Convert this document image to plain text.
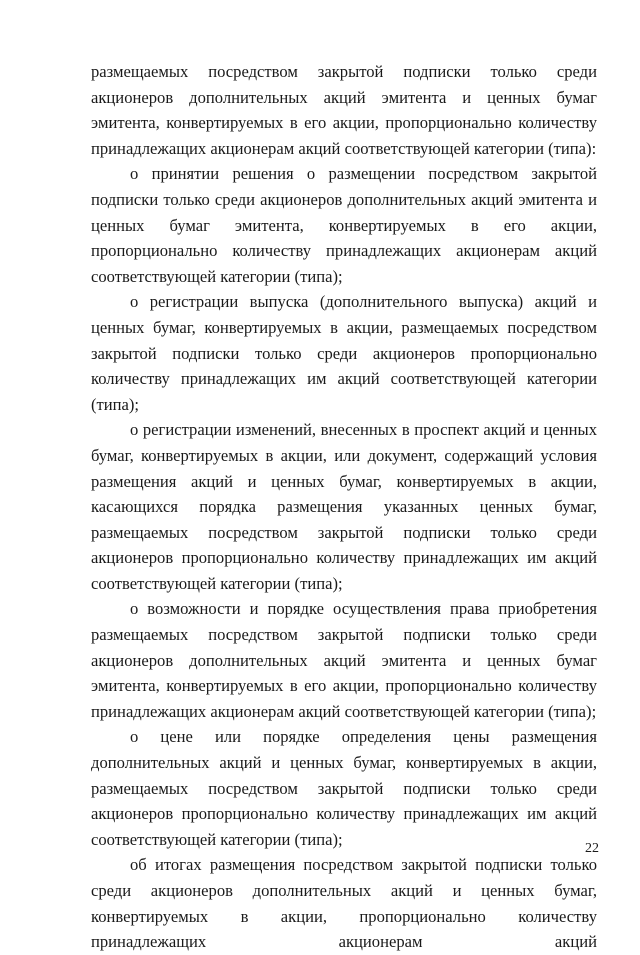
размещаемых посредством закрытой подписки только среди акционеров дополнительных акций эмитента и ценных бумаг эмитента, конвертируемых в его акции, пропорционально количеству принадлежащих акционерам акций соответствующей категории (типа):

о принятии решения о размещении посредством закрытой подписки только среди акционеров дополнительных акций эмитента и ценных бумаг эмитента, конвертируемых в его акции, пропорционально количеству принадлежащих акционерам акций соответствующей категории (типа);

о регистрации выпуска (дополнительного выпуска) акций и ценных бумаг, конвертируемых в акции, размещаемых посредством закрытой подписки только среди акционеров пропорционально количеству принадлежащих им акций соответствующей категории (типа);

о регистрации изменений, внесенных в проспект акций и ценных бумаг, конвертируемых в акции, или документ, содержащий условия размещения акций и ценных бумаг, конвертируемых в акции, касающихся порядка размещения указанных ценных бумаг, размещаемых посредством закрытой подписки только среди акционеров пропорционально количеству принадлежащих им акций соответствующей категории (типа);

о возможности и порядке осуществления права приобретения размещаемых посредством закрытой подписки только среди акционеров дополнительных акций эмитента и ценных бумаг эмитента, конвертируемых в его акции, пропорционально количеству принадлежащих акционерам акций соответствующей категории (типа);

о цене или порядке определения цены размещения дополнительных акций и ценных бумаг, конвертируемых в акции, размещаемых посредством закрытой подписки только среди акционеров пропорционально количеству принадлежащих им акций соответствующей категории (типа);

об итогах размещения посредством закрытой подписки только среди акционеров дополнительных акций и ценных бумаг, конвертируемых в акции, пропорционально количеству принадлежащих акционерам акций

22
